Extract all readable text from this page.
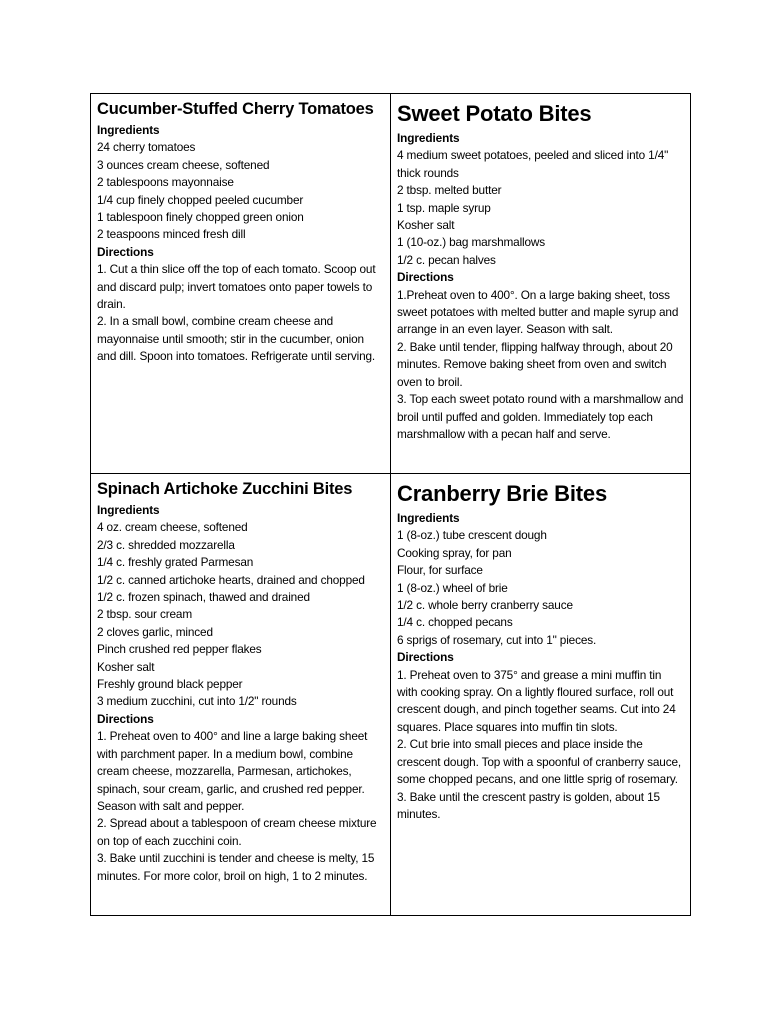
Cucumber-Stuffed Cherry Tomatoes
Ingredients
24 cherry tomatoes
3 ounces cream cheese, softened
2 tablespoons mayonnaise
1/4 cup finely chopped peeled cucumber
1 tablespoon finely chopped green onion
2 teaspoons minced fresh dill
Directions

1. Cut a thin slice off the top of each tomato. Scoop out and discard pulp; invert tomatoes onto paper towels to drain.

2. In a small bowl, combine cream cheese and mayonnaise until smooth; stir in the cucumber, onion and dill. Spoon into tomatoes. Refrigerate until serving.

Sweet Potato Bites
Ingredients
4 medium sweet potatoes, peeled and sliced into 1/4" thick rounds
2 tbsp. melted butter
1 tsp. maple syrup
Kosher salt
1 (10-oz.) bag marshmallows
1/2 c. pecan halves
Directions

1.Preheat oven to 400°. On a large baking sheet, toss sweet potatoes with melted butter and maple syrup and arrange in an even layer. Season with salt.

2. Bake until tender, flipping halfway through, about 20 minutes. Remove baking sheet from oven and switch oven to broil.

3. Top each sweet potato round with a marshmallow and broil until puffed and golden. Immediately top each marshmallow with a pecan half and serve.

Spinach Artichoke Zucchini Bites
Ingredients
4 oz. cream cheese, softened
2/3 c. shredded mozzarella
1/4 c. freshly grated Parmesan
1/2 c. canned artichoke hearts, drained and chopped
1/2 c. frozen spinach, thawed and drained
2 tbsp. sour cream
2 cloves garlic, minced
Pinch crushed red pepper flakes
Kosher salt
Freshly ground black pepper
3 medium zucchini, cut into 1/2" rounds
Directions

1. Preheat oven to 400° and line a large baking sheet with parchment paper. In a medium bowl, combine cream cheese, mozzarella, Parmesan, artichokes, spinach, sour cream, garlic, and crushed red pepper. Season with salt and pepper.

2. Spread about a tablespoon of cream cheese mixture on top of each zucchini coin.

3. Bake until zucchini is tender and cheese is melty, 15 minutes. For more color, broil on high, 1 to 2 minutes.

Cranberry Brie Bites
Ingredients
1 (8-oz.) tube crescent dough
Cooking spray, for pan
Flour, for surface
1 (8-oz.) wheel of brie
1/2 c. whole berry cranberry sauce
1/4 c. chopped pecans
6 sprigs of rosemary, cut into 1" pieces.
Directions

1. Preheat oven to 375° and grease a mini muffin tin with cooking spray. On a lightly floured surface, roll out crescent dough, and pinch together seams. Cut into 24 squares. Place squares into muffin tin slots.

2. Cut brie into small pieces and place inside the crescent dough. Top with a spoonful of cranberry sauce, some chopped pecans, and one little sprig of rosemary.

3. Bake until the crescent pastry is golden, about 15 minutes.
